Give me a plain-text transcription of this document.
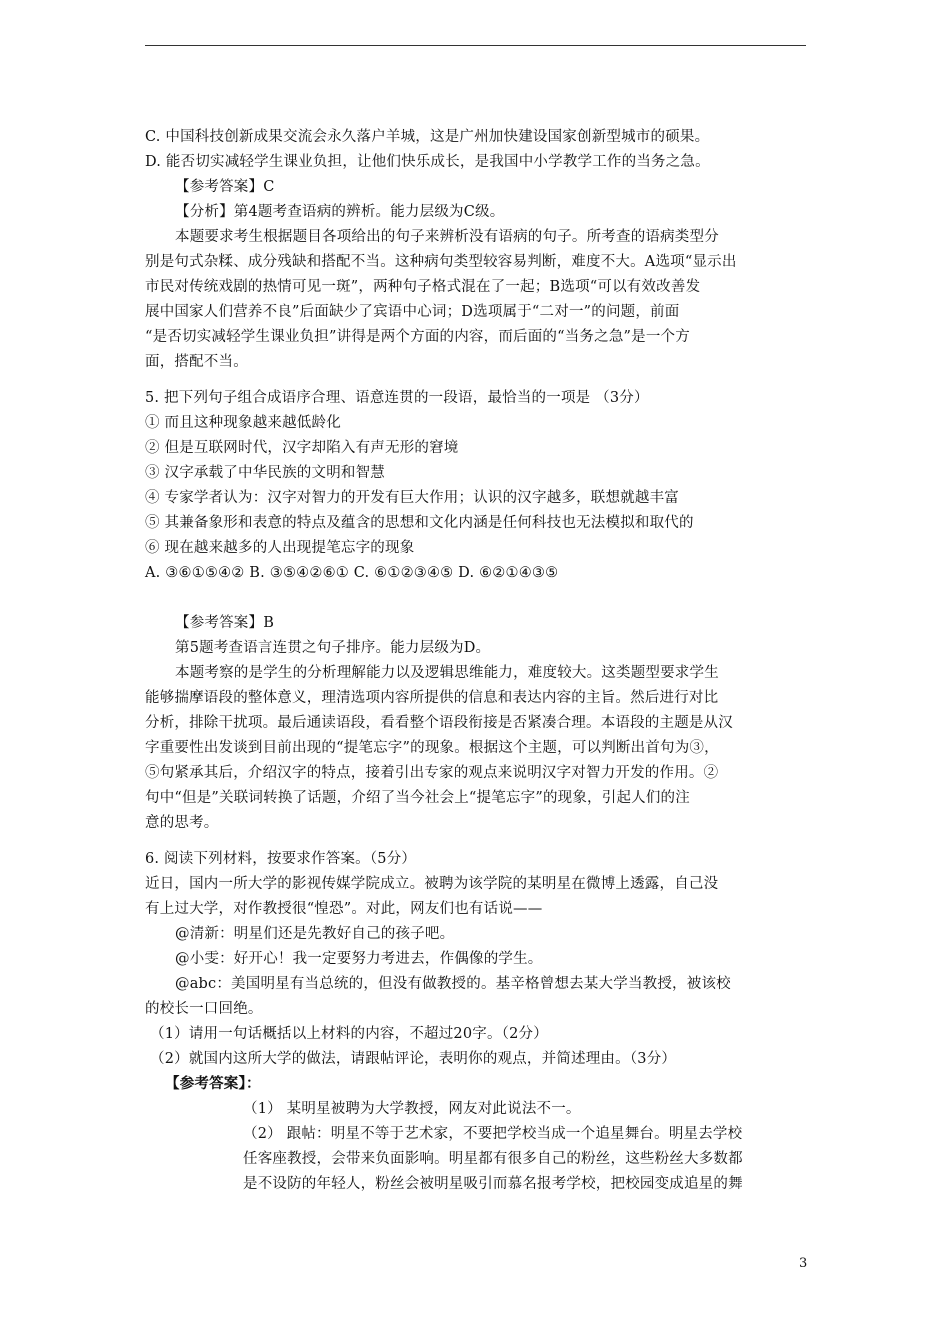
C. 中国科技创新成果交流会永久落户羊城，这是广州加快建设国家创新型城市的硕果。
D. 能否切实减轻学生课业负担，让他们快乐成长，是我国中小学教学工作的当务之急。
【参考答案】C
【分析】第4题考查语病的辨析。能力层级为C级。
本题要求考生根据题目各项给出的句子来辨析没有语病的句子。所考查的语病类型分
别是句式杂糅、成分残缺和搭配不当。这种病句类型较容易判断，难度不大。A选项“显示出
市民对传统戏剧的热情可见一斑”，两种句子格式混在了一起；B选项“可以有效改善发
展中国家人们营养不良”后面缺少了宾语中心词；D选项属于“二对一”的问题，前面
“是否切实减轻学生课业负担”讲得是两个方面的内容，而后面的“当务之急”是一个方
面，搭配不当。
5. 把下列句子组合成语序合理、语意连贯的一段语，最恰当的一项是 （3分）
① 而且这种现象越来越低龄化
② 但是互联网时代，汉字却陷入有声无形的窘境
③ 汉字承载了中华民族的文明和智慧
④ 专家学者认为：汉字对智力的开发有巨大作用；认识的汉字越多，联想就越丰富
⑤ 其兼备象形和表意的特点及蕴含的思想和文化内涵是任何科技也无法模拟和取代的
⑥ 现在越来越多的人出现提笔忘字的现象
A. ③⑥①⑤④② B. ③⑤④②⑥① C. ⑥①②③④⑤ D. ⑥②①④③⑤
【参考答案】B
第5题考查语言连贯之句子排序。能力层级为D。
本题考察的是学生的分析理解能力以及逻辑思维能力，难度较大。这类题型要求学生
能够揣摩语段的整体意义，理清选项内容所提供的信息和表达内容的主旨。然后进行对比
分析，排除干扰项。最后通读语段，看看整个语段衔接是否紧凑合理。本语段的主题是从汉
字重要性出发谈到目前出现的“提笔忘字”的现象。根据这个主题，可以判断出首句为③，
⑤句紧承其后，介绍汉字的特点，接着引出专家的观点来说明汉字对智力开发的作用。②
句中“但是”关联词转换了话题，介绍了当今社会上“提笔忘字”的现象，引起人们的注
意的思考。
6. 阅读下列材料，按要求作答案。（5分）
近日，国内一所大学的影视传媒学院成立。被聘为该学院的某明星在微博上透露，自己没
有上过大学，对作教授很“惶恐”。对此，网友们也有话说——
@清新：明星们还是先教好自己的孩子吧。
@小雯：好开心！我一定要努力考进去，作偶像的学生。
@abc：美国明星有当总统的，但没有做教授的。基辛格曾想去某大学当教授，被该校
的校长一口回绝。
（1）请用一句话概括以上材料的内容，不超过20字。（2分）
（2）就国内这所大学的做法，请跟帖评论，表明你的观点，并简述理由。（3分）
【参考答案】：
（1） 某明星被聘为大学教授，网友对此说法不一。
（2） 跟帖：明星不等于艺术家，不要把学校当成一个追星舞台。明星去学校
任客座教授，会带来负面影响。明星都有很多自己的粉丝，这些粉丝大多数都
是不设防的年轻人，粉丝会被明星吸引而慕名报考学校，把校园变成追星的舞
3
